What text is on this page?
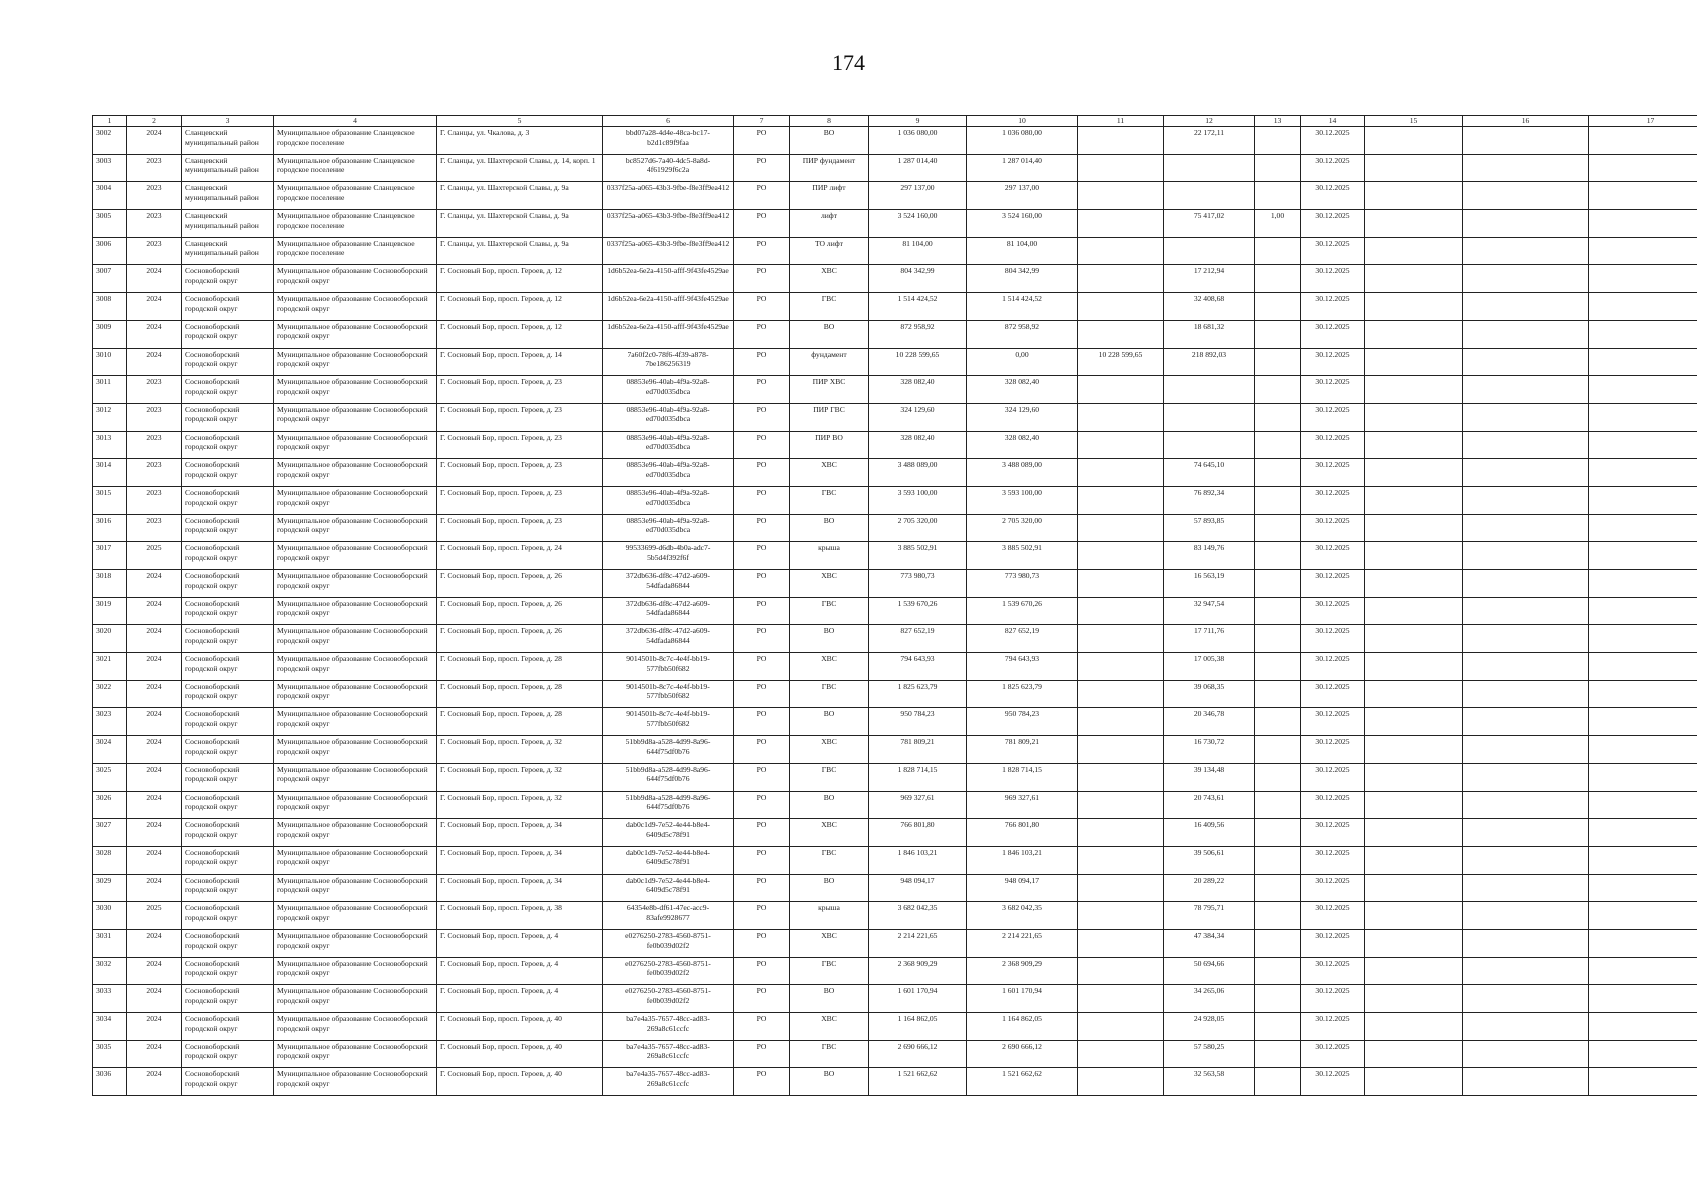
174
1	2	3	4	5	6	7	8	9	10	11	12	13	14	15	16	17
3002	2024	Сланцевский муниципальный район	Муниципальное образование Сланцевское городское поселение	Г. Сланцы, ул. Чкалова, д. 3	bbd07a28-4d4e-48ca-bc17-b2d1c89f9faa	РО	ВО	1 036 080,00	1 036 080,00		22 172,11		30.12.2025			
3003	2023	Сланцевский муниципальный район	Муниципальное образование Сланцевское городское поселение	Г. Сланцы, ул. Шахтерской Славы, д. 14, корп. 1	bc8527d6-7a40-4dc5-8a8d-4f61929f6c2a	РО	ПИР фундамент	1 287 014,40	1 287 014,40				30.12.2025			
3004	2023	Сланцевский муниципальный район	Муниципальное образование Сланцевское городское поселение	Г. Сланцы, ул. Шахтерской Славы, д. 9а	0337f25a-a065-43b3-9fbe-f8e3ff9ea412	РО	ПИР лифт	297 137,00	297 137,00				30.12.2025			
3005	2023	Сланцевский муниципальный район	Муниципальное образование Сланцевское городское поселение	Г. Сланцы, ул. Шахтерской Славы, д. 9а	0337f25a-a065-43b3-9fbe-f8e3ff9ea412	РО	лифт	3 524 160,00	3 524 160,00		75 417,02	1,00	30.12.2025			
3006	2023	Сланцевский муниципальный район	Муниципальное образование Сланцевское городское поселение	Г. Сланцы, ул. Шахтерской Славы, д. 9а	0337f25a-a065-43b3-9fbe-f8e3ff9ea412	РО	ТО лифт	81 104,00	81 104,00				30.12.2025			
3007	2024	Сосновоборский городской округ	Муниципальное образование Сосновоборский городской округ	Г. Сосновый Бор, просп. Героев, д. 12	1d6b52ea-6e2a-4150-afff-9f43fe4529ae	РО	ХВС	804 342,99	804 342,99		17 212,94		30.12.2025			
3008	2024	Сосновоборский городской округ	Муниципальное образование Сосновоборский городской округ	Г. Сосновый Бор, просп. Героев, д. 12	1d6b52ea-6e2a-4150-afff-9f43fe4529ae	РО	ГВС	1 514 424,52	1 514 424,52		32 408,68		30.12.2025			
3009	2024	Сосновоборский городской округ	Муниципальное образование Сосновоборский городской округ	Г. Сосновый Бор, просп. Героев, д. 12	1d6b52ea-6e2a-4150-afff-9f43fe4529ae	РО	ВО	872 958,92	872 958,92		18 681,32		30.12.2025			
3010	2024	Сосновоборский городской округ	Муниципальное образование Сосновоборский городской округ	Г. Сосновый Бор, просп. Героев, д. 14	7a60f2c0-78f6-4f39-a878-7be186256319	РО	фундамент	10 228 599,65	0,00	10 228 599,65	218 892,03		30.12.2025			
3011	2023	Сосновоборский городской округ	Муниципальное образование Сосновоборский городской округ	Г. Сосновый Бор, просп. Героев, д. 23	08853e96-40ab-4f9a-92a8-ed70d035dbca	РО	ПИР ХВС	328 082,40	328 082,40				30.12.2025			
3012	2023	Сосновоборский городской округ	Муниципальное образование Сосновоборский городской округ	Г. Сосновый Бор, просп. Героев, д. 23	08853e96-40ab-4f9a-92a8-ed70d035dbca	РО	ПИР ГВС	324 129,60	324 129,60				30.12.2025			
3013	2023	Сосновоборский городской округ	Муниципальное образование Сосновоборский городской округ	Г. Сосновый Бор, просп. Героев, д. 23	08853e96-40ab-4f9a-92a8-ed70d035dbca	РО	ПИР ВО	328 082,40	328 082,40				30.12.2025			
3014	2023	Сосновоборский городской округ	Муниципальное образование Сосновоборский городской округ	Г. Сосновый Бор, просп. Героев, д. 23	08853e96-40ab-4f9a-92a8-ed70d035dbca	РО	ХВС	3 488 089,00	3 488 089,00		74 645,10		30.12.2025			
3015	2023	Сосновоборский городской округ	Муниципальное образование Сосновоборский городской округ	Г. Сосновый Бор, просп. Героев, д. 23	08853e96-40ab-4f9a-92a8-ed70d035dbca	РО	ГВС	3 593 100,00	3 593 100,00		76 892,34		30.12.2025			
3016	2023	Сосновоборский городской округ	Муниципальное образование Сосновоборский городской округ	Г. Сосновый Бор, просп. Героев, д. 23	08853e96-40ab-4f9a-92a8-ed70d035dbca	РО	ВО	2 705 320,00	2 705 320,00		57 893,85		30.12.2025			
3017	2025	Сосновоборский городской округ	Муниципальное образование Сосновоборский городской округ	Г. Сосновый Бор, просп. Героев, д. 24	99533699-d6db-4b0a-adc7-5b5d4f392f6f	РО	крыша	3 885 502,91	3 885 502,91		83 149,76		30.12.2025			
3018	2024	Сосновоборский городской округ	Муниципальное образование Сосновоборский городской округ	Г. Сосновый Бор, просп. Героев, д. 26	372db636-df8c-47d2-a609-54dfada86844	РО	ХВС	773 980,73	773 980,73		16 563,19		30.12.2025			
3019	2024	Сосновоборский городской округ	Муниципальное образование Сосновоборский городской округ	Г. Сосновый Бор, просп. Героев, д. 26	372db636-df8c-47d2-a609-54dfada86844	РО	ГВС	1 539 670,26	1 539 670,26		32 947,54		30.12.2025			
3020	2024	Сосновоборский городской округ	Муниципальное образование Сосновоборский городской округ	Г. Сосновый Бор, просп. Героев, д. 26	372db636-df8c-47d2-a609-54dfada86844	РО	ВО	827 652,19	827 652,19		17 711,76		30.12.2025			
3021	2024	Сосновоборский городской округ	Муниципальное образование Сосновоборский городской округ	Г. Сосновый Бор, просп. Героев, д. 28	9014501b-8c7c-4e4f-bb19-577fbb50f682	РО	ХВС	794 643,93	794 643,93		17 005,38		30.12.2025			
3022	2024	Сосновоборский городской округ	Муниципальное образование Сосновоборский городской округ	Г. Сосновый Бор, просп. Героев, д. 28	9014501b-8c7c-4e4f-bb19-577fbb50f682	РО	ГВС	1 825 623,79	1 825 623,79		39 068,35		30.12.2025			
3023	2024	Сосновоборский городской округ	Муниципальное образование Сосновоборский городской округ	Г. Сосновый Бор, просп. Героев, д. 28	9014501b-8c7c-4e4f-bb19-577fbb50f682	РО	ВО	950 784,23	950 784,23		20 346,78		30.12.2025			
3024	2024	Сосновоборский городской округ	Муниципальное образование Сосновоборский городской округ	Г. Сосновый Бор, просп. Героев, д. 32	51bb9d8a-a528-4d99-8a96-644f75df0b76	РО	ХВС	781 809,21	781 809,21		16 730,72		30.12.2025			
3025	2024	Сосновоборский городской округ	Муниципальное образование Сосновоборский городской округ	Г. Сосновый Бор, просп. Героев, д. 32	51bb9d8a-a528-4d99-8a96-644f75df0b76	РО	ГВС	1 828 714,15	1 828 714,15		39 134,48		30.12.2025			
3026	2024	Сосновоборский городской округ	Муниципальное образование Сосновоборский городской округ	Г. Сосновый Бор, просп. Героев, д. 32	51bb9d8a-a528-4d99-8a96-644f75df0b76	РО	ВО	969 327,61	969 327,61		20 743,61		30.12.2025			
3027	2024	Сосновоборский городской округ	Муниципальное образование Сосновоборский городской округ	Г. Сосновый Бор, просп. Героев, д. 34	dab0c1d9-7e52-4e44-b8e4-6409d5c78f91	РО	ХВС	766 801,80	766 801,80		16 409,56		30.12.2025			
3028	2024	Сосновоборский городской округ	Муниципальное образование Сосновоборский городской округ	Г. Сосновый Бор, просп. Героев, д. 34	dab0c1d9-7e52-4e44-b8e4-6409d5c78f91	РО	ГВС	1 846 103,21	1 846 103,21		39 506,61		30.12.2025			
3029	2024	Сосновоборский городской округ	Муниципальное образование Сосновоборский городской округ	Г. Сосновый Бор, просп. Героев, д. 34	dab0c1d9-7e52-4e44-b8e4-6409d5c78f91	РО	ВО	948 094,17	948 094,17		20 289,22		30.12.2025			
3030	2025	Сосновоборский городской округ	Муниципальное образование Сосновоборский городской округ	Г. Сосновый Бор, просп. Героев, д. 38	64354e8b-df61-47ec-acc9-83afe9928677	РО	крыша	3 682 042,35	3 682 042,35		78 795,71		30.12.2025			
3031	2024	Сосновоборский городской округ	Муниципальное образование Сосновоборский городской округ	Г. Сосновый Бор, просп. Героев, д. 4	e0276250-2783-4560-8751-fe0b039d02f2	РО	ХВС	2 214 221,65	2 214 221,65		47 384,34		30.12.2025			
3032	2024	Сосновоборский городской округ	Муниципальное образование Сосновоборский городской округ	Г. Сосновый Бор, просп. Героев, д. 4	e0276250-2783-4560-8751-fe0b039d02f2	РО	ГВС	2 368 909,29	2 368 909,29		50 694,66		30.12.2025			
3033	2024	Сосновоборский городской округ	Муниципальное образование Сосновоборский городской округ	Г. Сосновый Бор, просп. Героев, д. 4	e0276250-2783-4560-8751-fe0b039d02f2	РО	ВО	1 601 170,94	1 601 170,94		34 265,06		30.12.2025			
3034	2024	Сосновоборский городской округ	Муниципальное образование Сосновоборский городской округ	Г. Сосновый Бор, просп. Героев, д. 40	ba7e4a35-7657-48cc-ad83-269a8c61ccfc	РО	ХВС	1 164 862,05	1 164 862,05		24 928,05		30.12.2025			
3035	2024	Сосновоборский городской округ	Муниципальное образование Сосновоборский городской округ	Г. Сосновый Бор, просп. Героев, д. 40	ba7e4a35-7657-48cc-ad83-269a8c61ccfc	РО	ГВС	2 690 666,12	2 690 666,12		57 580,25		30.12.2025			
3036	2024	Сосновоборский городской округ	Муниципальное образование Сосновоборский городской округ	Г. Сосновый Бор, просп. Героев, д. 40	ba7e4a35-7657-48cc-ad83-269a8c61ccfc	РО	ВО	1 521 662,62	1 521 662,62		32 563,58		30.12.2025			
